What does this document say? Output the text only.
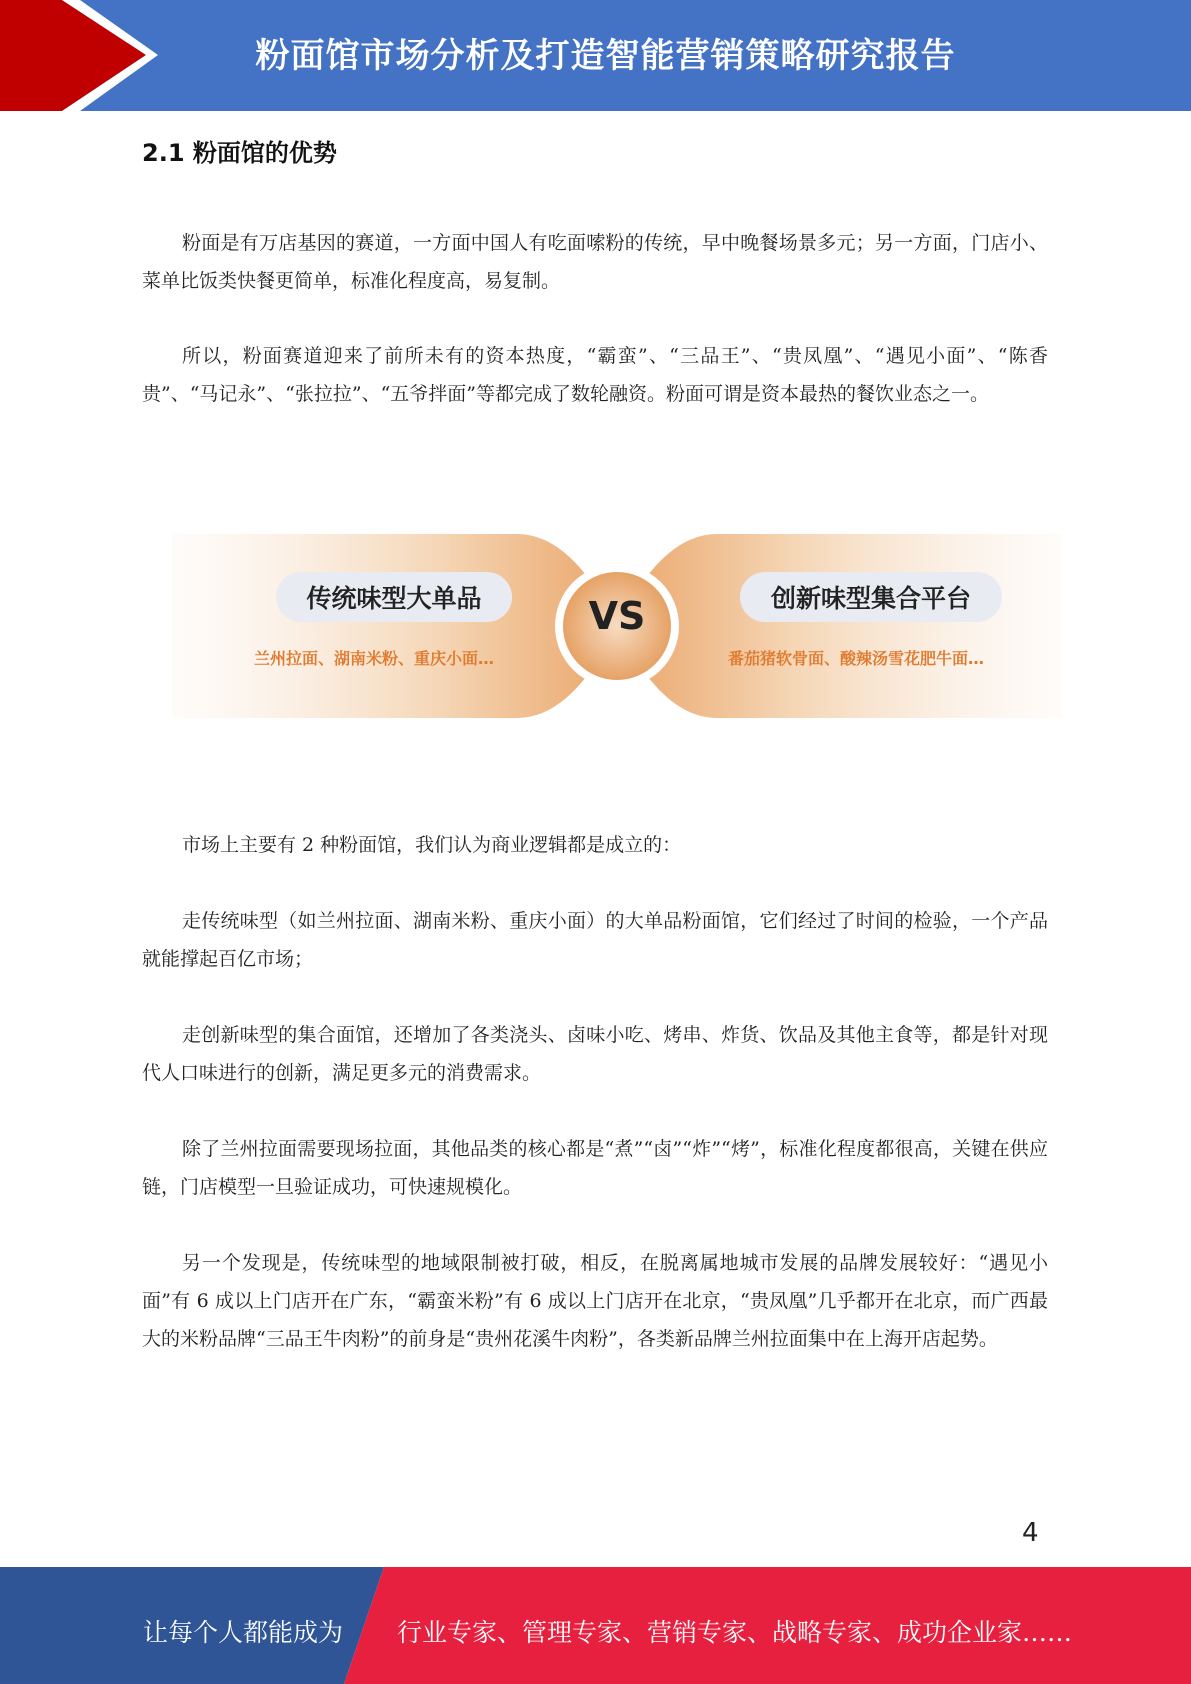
粉面馆市场分析及打造智能营销策略研究报告
2.1 粉面馆的优势

粉面是有万店基因的赛道，一方面中国人有吃面嗦粉的传统，早中晚餐场景多元；另一方面，门店小、菜单比饭类快餐更简单，标准化程度高，易复制。

所以，粉面赛道迎来了前所未有的资本热度，“霸蛮”、“三品王”、“贵凤凰”、“遇见小面”、“陈香贵”、“马记永”、“张拉拉”、“五爷拌面”等都完成了数轮融资。粉面可谓是资本最热的餐饮业态之一。

传统味型大单品
兰州拉面、湖南米粉、重庆小面…
VS	创新味型集合平台
番茄猪软骨面、酸辣汤雪花肥牛面…

市场上主要有 2 种粉面馆，我们认为商业逻辑都是成立的：

走传统味型（如兰州拉面、湖南米粉、重庆小面）的大单品粉面馆，它们经过了时间的检验，一个产品就能撑起百亿市场；

走创新味型的集合面馆，还增加了各类浇头、卤味小吃、烤串、炸货、饮品及其他主食等，都是针对现代人口味进行的创新，满足更多元的消费需求。

除了兰州拉面需要现场拉面，其他品类的核心都是“煮”“卤”“炸”“烤”，标准化程度都很高，关键在供应链，门店模型一旦验证成功，可快速规模化。

另一个发现是，传统味型的地域限制被打破，相反，在脱离属地城市发展的品牌发展较好：“遇见小面”有 6 成以上门店开在广东，“霸蛮米粉”有 6 成以上门店开在北京，“贵凤凰”几乎都开在北京，而广西最大的米粉品牌“三品王牛肉粉”的前身是“贵州花溪牛肉粉”，各类新品牌兰州拉面集中在上海开店起势。

4
让每个人都能成为 行业专家、管理专家、营销专家、战略专家、成功企业家……
